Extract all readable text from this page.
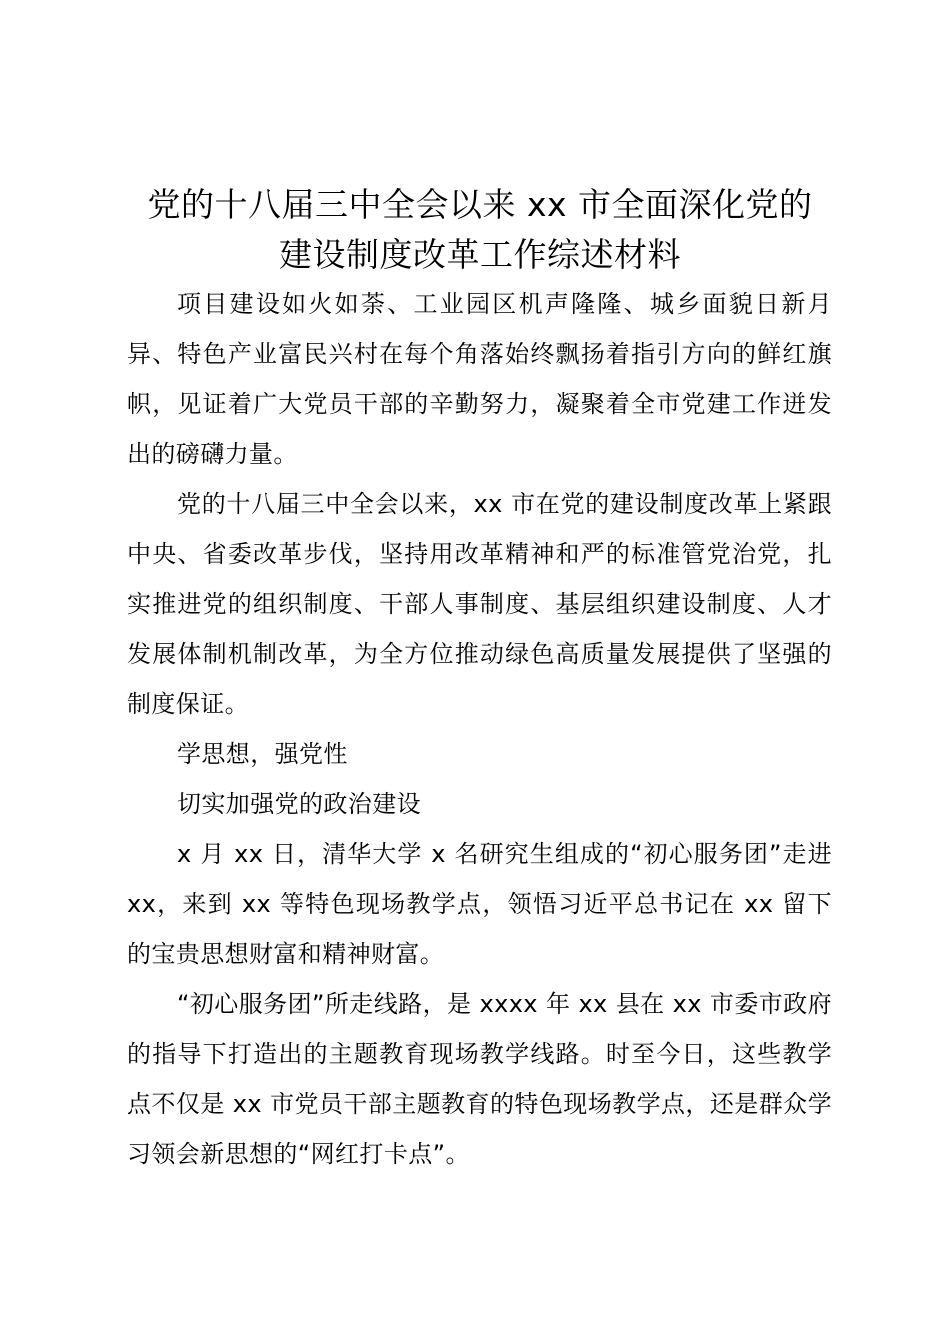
党的十八届三中全会以来 xx 市全面深化党的
建设制度改革工作综述材料

项目建设如火如荼、工业园区机声隆隆、城乡面貌日新月异、特色产业富民兴村在每个角落始终飘扬着指引方向的鲜红旗帜，见证着广大党员干部的辛勤努力，凝聚着全市党建工作迸发出的磅礴力量。

党的十八届三中全会以来，xx 市在党的建设制度改革上紧跟中央、省委改革步伐，坚持用改革精神和严的标准管党治党，扎实推进党的组织制度、干部人事制度、基层组织建设制度、人才发展体制机制改革，为全方位推动绿色高质量发展提供了坚强的制度保证。

学思想，强党性

切实加强党的政治建设

x 月 xx 日，清华大学 x 名研究生组成的“初心服务团”走进 xx，来到 xx 等特色现场教学点，领悟习近平总书记在 xx 留下的宝贵思想财富和精神财富。

“初心服务团”所走线路，是 xxxx 年 xx 县在 xx 市委市政府的指导下打造出的主题教育现场教学线路。时至今日，这些教学点不仅是 xx 市党员干部主题教育的特色现场教学点，还是群众学习领会新思想的“网红打卡点”。
